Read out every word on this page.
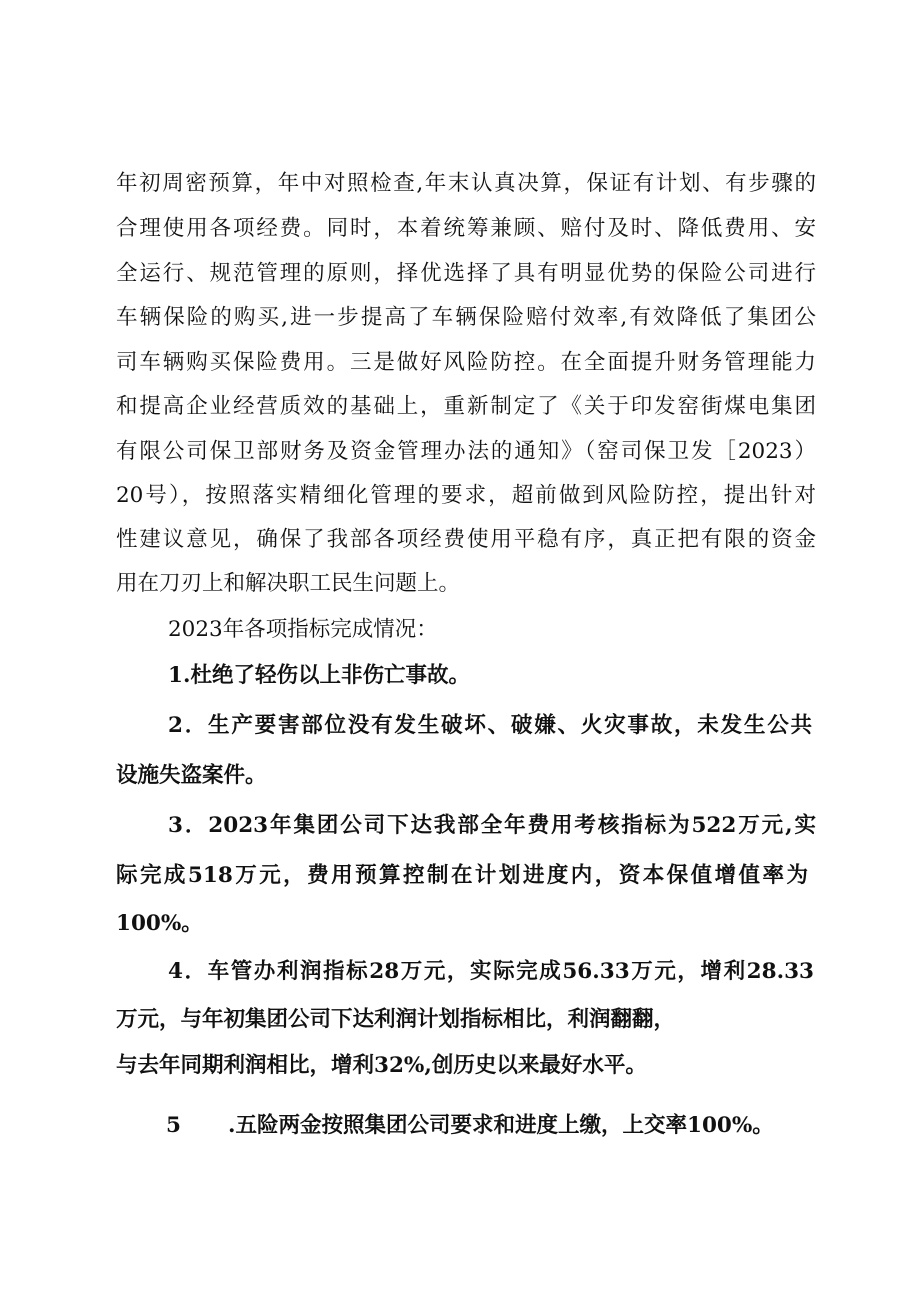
年初周密预算，年中对照检查,年末认真决算，保证有计划、有步骤的
合理使用各项经费。同时，本着统筹兼顾、赔付及时、降低费用、安
全运行、规范管理的原则，择优选择了具有明显优势的保险公司进行
车辆保险的购买,进一步提高了车辆保险赔付效率,有效降低了集团公
司车辆购买保险费用。三是做好风险防控。在全面提升财务管理能力
和提高企业经营质效的基础上，重新制定了《关于印发窑街煤电集团
有限公司保卫部财务及资金管理办法的通知》（窑司保卫发［2023）
20号），按照落实精细化管理的要求，超前做到风险防控，提出针对
性建议意见，确保了我部各项经费使用平稳有序，真正把有限的资金
用在刀刃上和解决职工民生问题上。
2023年各项指标完成情况：
1.杜绝了轻伤以上非伤亡事故。
2．生产要害部位没有发生破坏、破嫌、火灾事故，未发生公共
设施失盗案件。
3．2023年集团公司下达我部全年费用考核指标为522万元,实
际完成518万元，费用预算控制在计划进度内，资本保值增值率为
100%。
4．车管办利润指标28万元，实际完成56.33万元，增利28.33
万元，与年初集团公司下达利润计划指标相比，利润翻翻，
与去年同期利润相比，增利32%,创历史以来最好水平。
5 .五险两金按照集团公司要求和进度上缴，上交率100%。
